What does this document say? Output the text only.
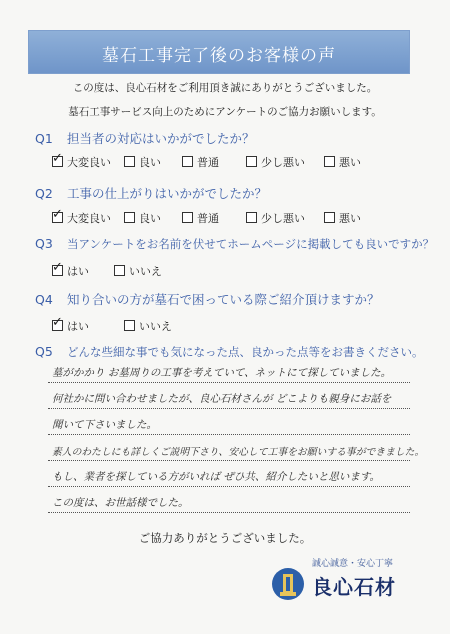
墓石工事完了後のお客様の声
この度は、良心石材をご利用頂き誠にありがとうございました。
墓石工事サービス向上のためにアンケートのご協力お願いします。
Q1 担当者の対応はいかがでしたか？
✓大変良い	良い	普通	少し悪い	悪い
Q2 工事の仕上がりはいかがでしたか？
✓大変良い	良い	普通	少し悪い	悪い
Q3 当アンケートをお名前を伏せてホームページに掲載しても良いですか？
✓はい	いいえ
Q4 知り合いの方が墓石で困っている際ご紹介頂けますか？
✓はい	いいえ
Q5 どんな些細な事でも気になった点、良かった点等をお書きください。
墓がかかり お墓周りの工事を考えていて、ネットにて探していました。
何社かに問い合わせましたが、良心石材さんが どこよりも親身にお話を
聞いて下さいました。
素人のわたしにも詳しくご説明下さり、安心して工事をお願いする事ができました。
もし、業者を探している方がいれば ぜひ共、紹介したいと思います。
この度は、お世話様でした。
ご協力ありがとうございました。
誠心誠意・安心丁寧
良心石材
